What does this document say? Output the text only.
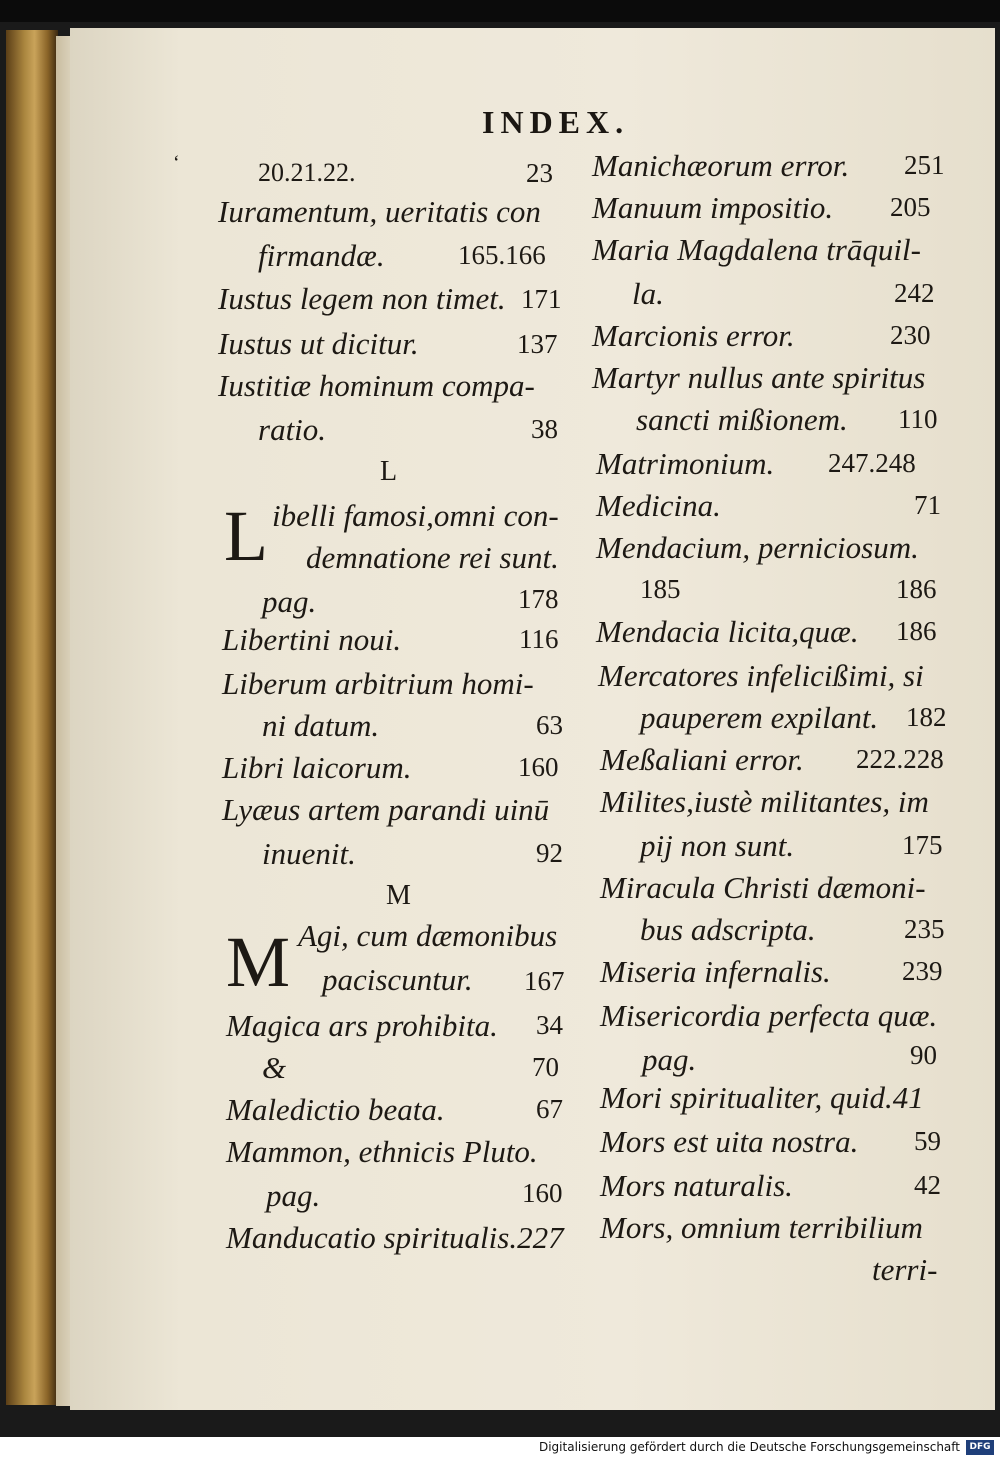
INDEX.
ʻ	20.21.22.	23
Iuramentum, ueritatis con
firmandæ.	165.166
Iustus legem non timet. 171
Iustus ut dicitur.	137
Iustitiæ hominum compa-
ratio.	38
L
L ibelli famosi,omni con-
demnatione rei sunt.
pag.	178
Libertini noui.	116
Liberum arbitrium homi-
ni datum.	63
Libri laicorum.	160
Lyæus artem parandi uinū
inuenit.	92
M
M Agi, cum dæmonibus
paciscuntur. 167
Magica ars prohibita. 34
&	70
Maledictio beata.	67
Mammon, ethnicis Pluto.
pag.	160
Manducatio spiritualis.227
Manichæorum error. 251
Manuum impositio. 205
Maria Magdalena trāquil-
la.	242
Marcionis error.	230
Martyr nullus ante spiritus
sancti mißionem. 110
Matrimonium. 247.248
Medicina.	71
Mendacium, perniciosum.
185	186
Mendacia licita,quæ. 186
Mercatores infelicißimi, si
pauperem expilant. 182
Meßaliani error. 222.228
Milites,iustè militantes, im
pij non sunt.	175
Miracula Christi dæmoni-
bus adscripta.	235
Miseria infernalis.	239
Misericordia perfecta quæ.
pag.	90
Mori spiritualiter, quid.41
Mors est uita nostra. 59
Mors naturalis.	42
Mors, omnium terribilium
terri-
Digitalisierung gefördert durch die Deutsche Forschungsgemeinschaft	DFG
